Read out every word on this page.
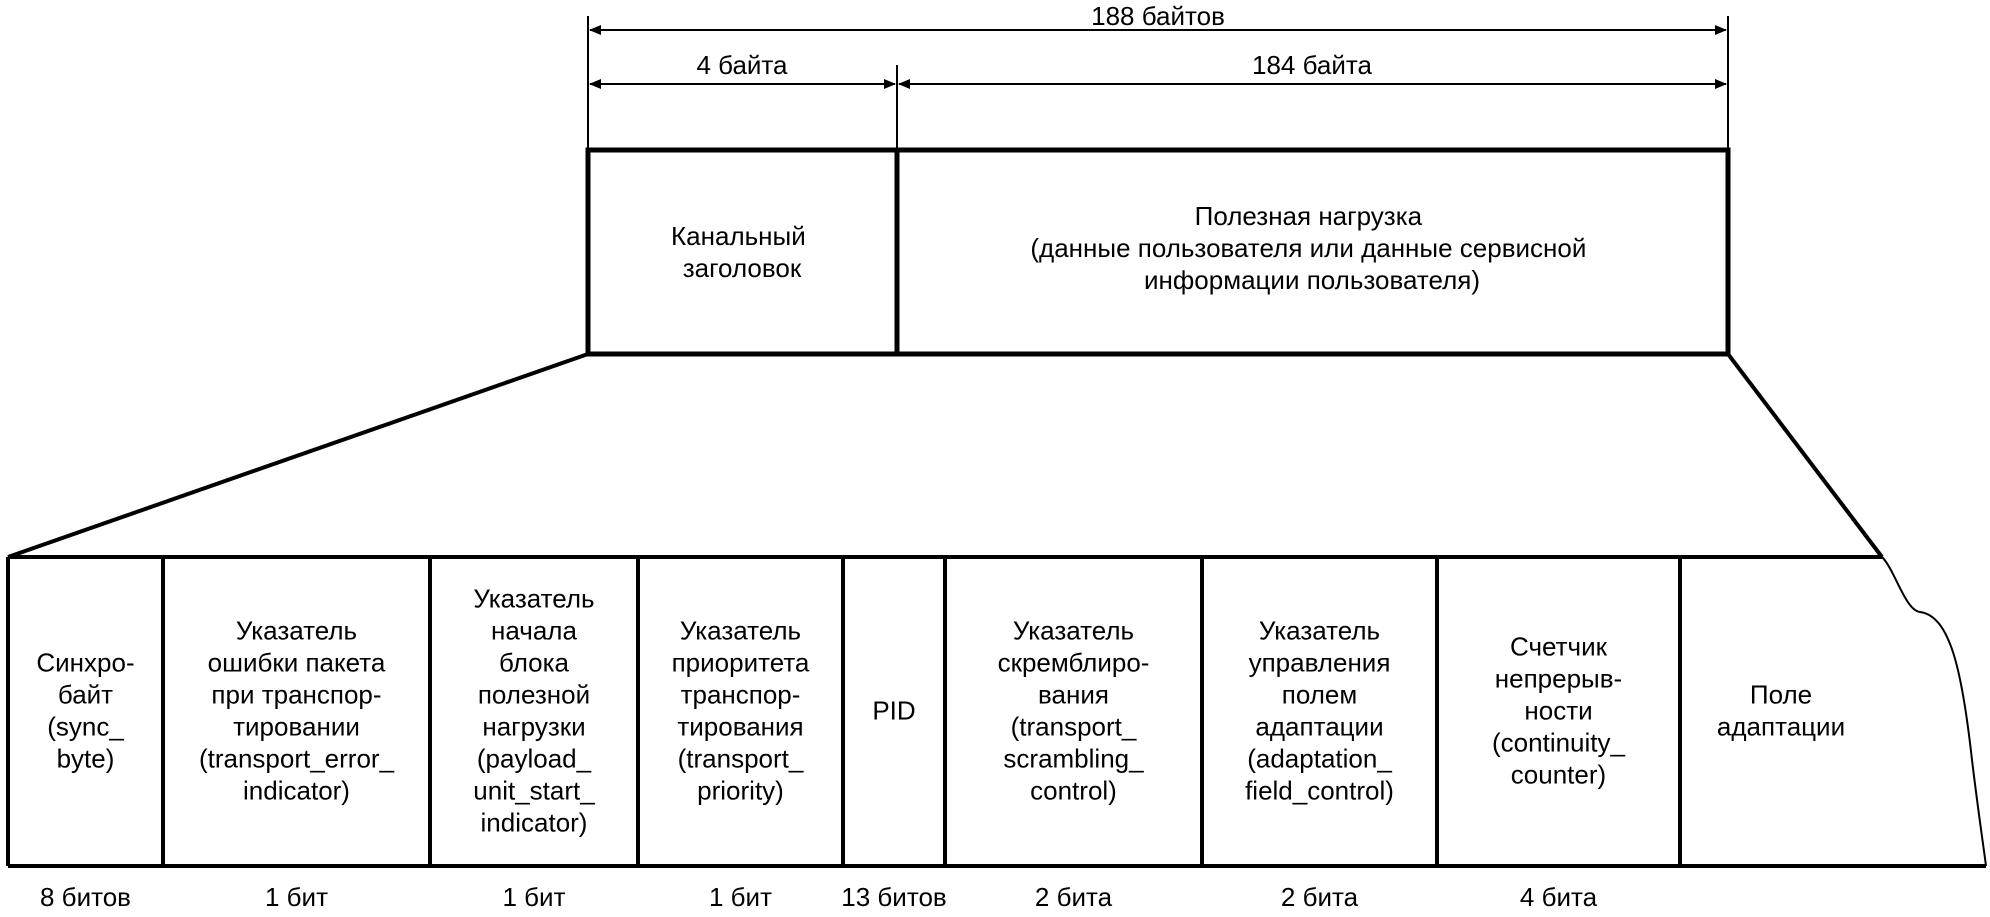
188 байтов
4 байта	184 байта
Канальный заголовок
Полезная нагрузка (данные пользователя или данные сервисной информации пользователя)
Синхро-байт (sync_ byte)
8 битов
Указатель ошибки пакета при транспор-тировании (transport_error_ indicator)
1 бит
Указатель начала блока полезной нагрузки (payload_ unit_start_ indicator)
1 бит
Указатель приоритета транспор-тирования (transport_ priority)
1 бит
PID
13 битов
Указатель скремблиро-вания (transport_ scrambling_ control)
2 бита
Указатель управления полем адаптации (adaptation_ field_control)
2 бита
Счетчик непрерыв-ности (continuity_ counter)
4 бита
Поле адаптации
